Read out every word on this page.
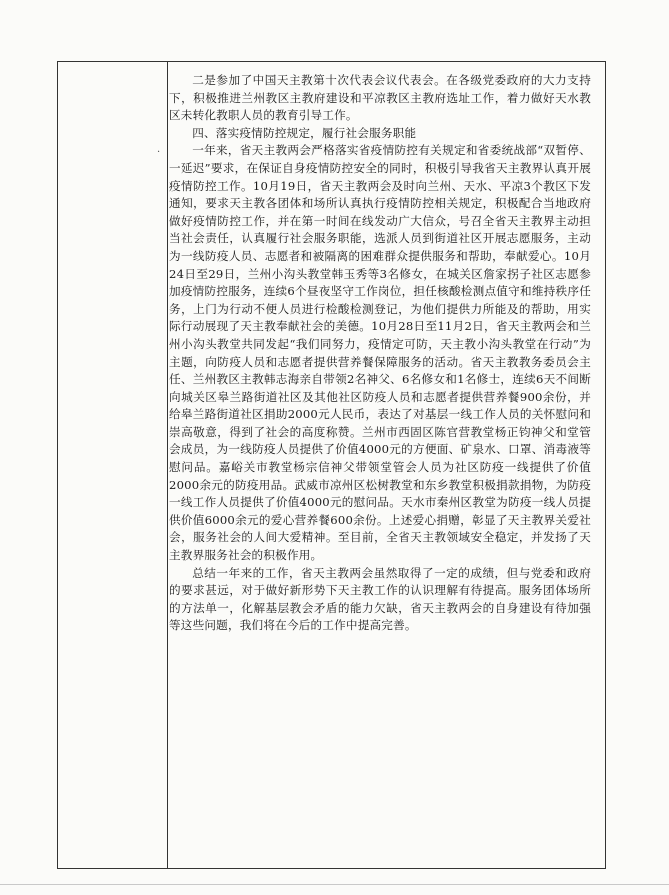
·

二是参加了中国天主教第十次代表会议代表会。在各级党委政府的大力支持下，积极推进兰州教区主教府建设和平凉教区主教府选址工作，着力做好天水教区未转化教职人员的教育引导工作。

四、落实疫情防控规定，履行社会服务职能

一年来，省天主教两会严格落实省疫情防控有关规定和省委统战部“双暂停、一延迟”要求，在保证自身疫情防控安全的同时，积极引导我省天主教界认真开展疫情防控工作。10月19日，省天主教两会及时向兰州、天水、平凉3个教区下发通知，要求天主教各团体和场所认真执行疫情防控相关规定，积极配合当地政府做好疫情防控工作，并在第一时间在线发动广大信众，号召全省天主教界主动担当社会责任，认真履行社会服务职能，选派人员到街道社区开展志愿服务，主动为一线防疫人员、志愿者和被隔离的困难群众提供服务和帮助，奉献爱心。10月24日至29日，兰州小沟头教堂韩玉秀等3名修女，在城关区詹家拐子社区志愿参加疫情防控服务，连续6个昼夜坚守工作岗位，担任核酸检测点值守和维持秩序任务，上门为行动不便人员进行检酸检测登记，为他们提供力所能及的帮助，用实际行动展现了天主教奉献社会的美德。10月28日至11月2日，省天主教两会和兰州小沟头教堂共同发起“我们同努力，疫情定可防，天主教小沟头教堂在行动”为主题，向防疫人员和志愿者提供营养餐保障服务的活动。省天主教教务委员会主任、兰州教区主教韩志海亲自带领2名神父、6名修女和1名修士，连续6天不间断向城关区皋兰路街道社区及其他社区防疫人员和志愿者提供营养餐900余份，并给皋兰路街道社区捐助2000元人民币，表达了对基层一线工作人员的关怀慰问和崇高敬意，得到了社会的高度称赞。兰州市西固区陈官营教堂杨正钧神父和堂管会成员，为一线防疫人员提供了价值4000元的方便面、矿泉水、口罩、消毒液等慰问品。嘉峪关市教堂杨宗信神父带领堂管会人员为社区防疫一线提供了价值2000余元的防疫用品。武威市凉州区松树教堂和东乡教堂积极捐款捐物，为防疫一线工作人员提供了价值4000元的慰问品。天水市秦州区教堂为防疫一线人员提供价值6000余元的爱心营养餐600余份。上述爱心捐赠，彰显了天主教界关爱社会，服务社会的人间大爱精神。至目前，全省天主教领域安全稳定，并发扬了天主教界服务社会的积极作用。

总结一年来的工作，省天主教两会虽然取得了一定的成绩，但与党委和政府的要求甚远，对于做好新形势下天主教工作的认识理解有待提高。服务团体场所的方法单一，化解基层教会矛盾的能力欠缺，省天主教两会的自身建设有待加强等这些问题，我们将在今后的工作中提高完善。
